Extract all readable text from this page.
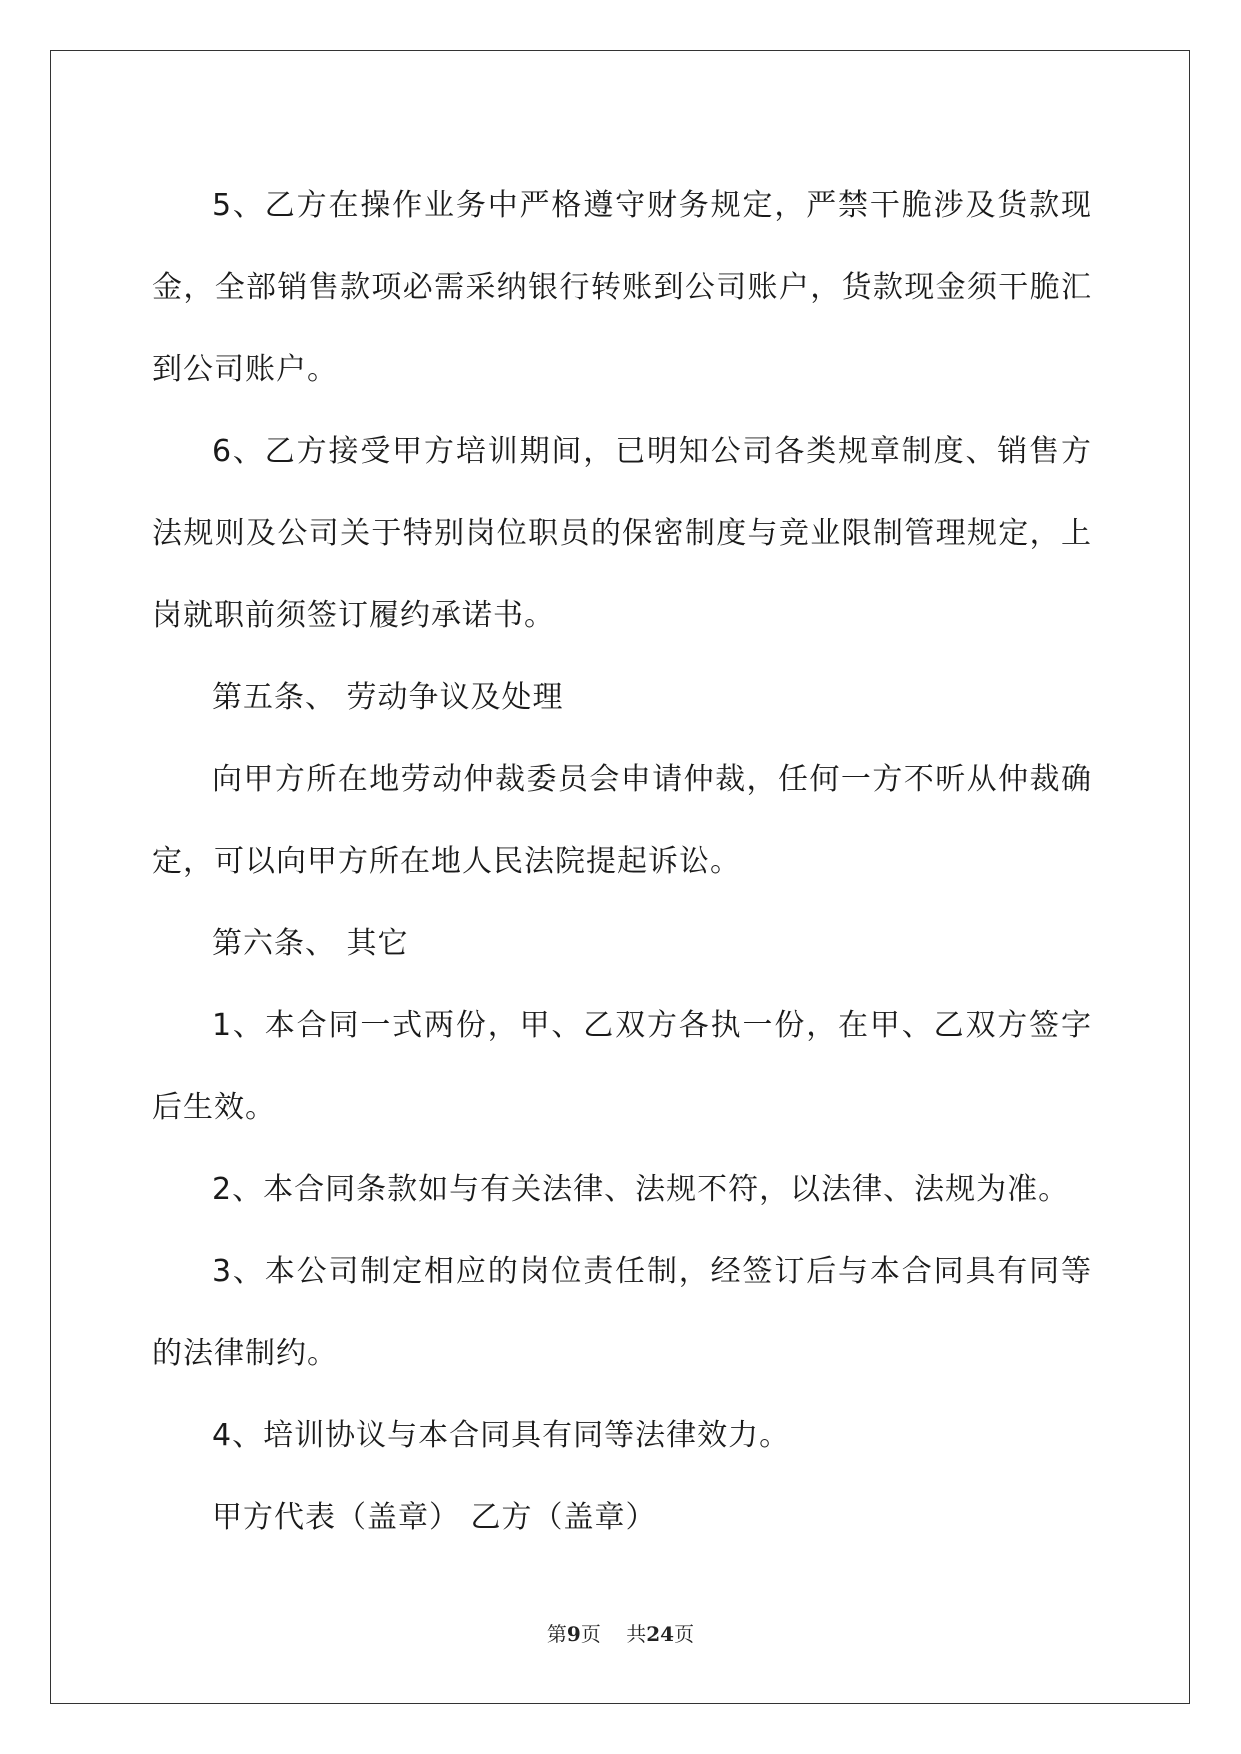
5、乙方在操作业务中严格遵守财务规定，严禁干脆涉及货款现金，全部销售款项必需采纳银行转账到公司账户，货款现金须干脆汇到公司账户。

6、乙方接受甲方培训期间，已明知公司各类规章制度、销售方法规则及公司关于特别岗位职员的保密制度与竞业限制管理规定，上岗就职前须签订履约承诺书。

第五条、 劳动争议及处理

向甲方所在地劳动仲裁委员会申请仲裁，任何一方不听从仲裁确定，可以向甲方所在地人民法院提起诉讼。

第六条、 其它

1、本合同一式两份，甲、乙双方各执一份，在甲、乙双方签字后生效。

2、本合同条款如与有关法律、法规不符，以法律、法规为准。

3、本公司制定相应的岗位责任制，经签订后与本合同具有同等的法律制约。

4、培训协议与本合同具有同等法律效力。

甲方代表（盖章） 乙方（盖章）

第9页 共24页
